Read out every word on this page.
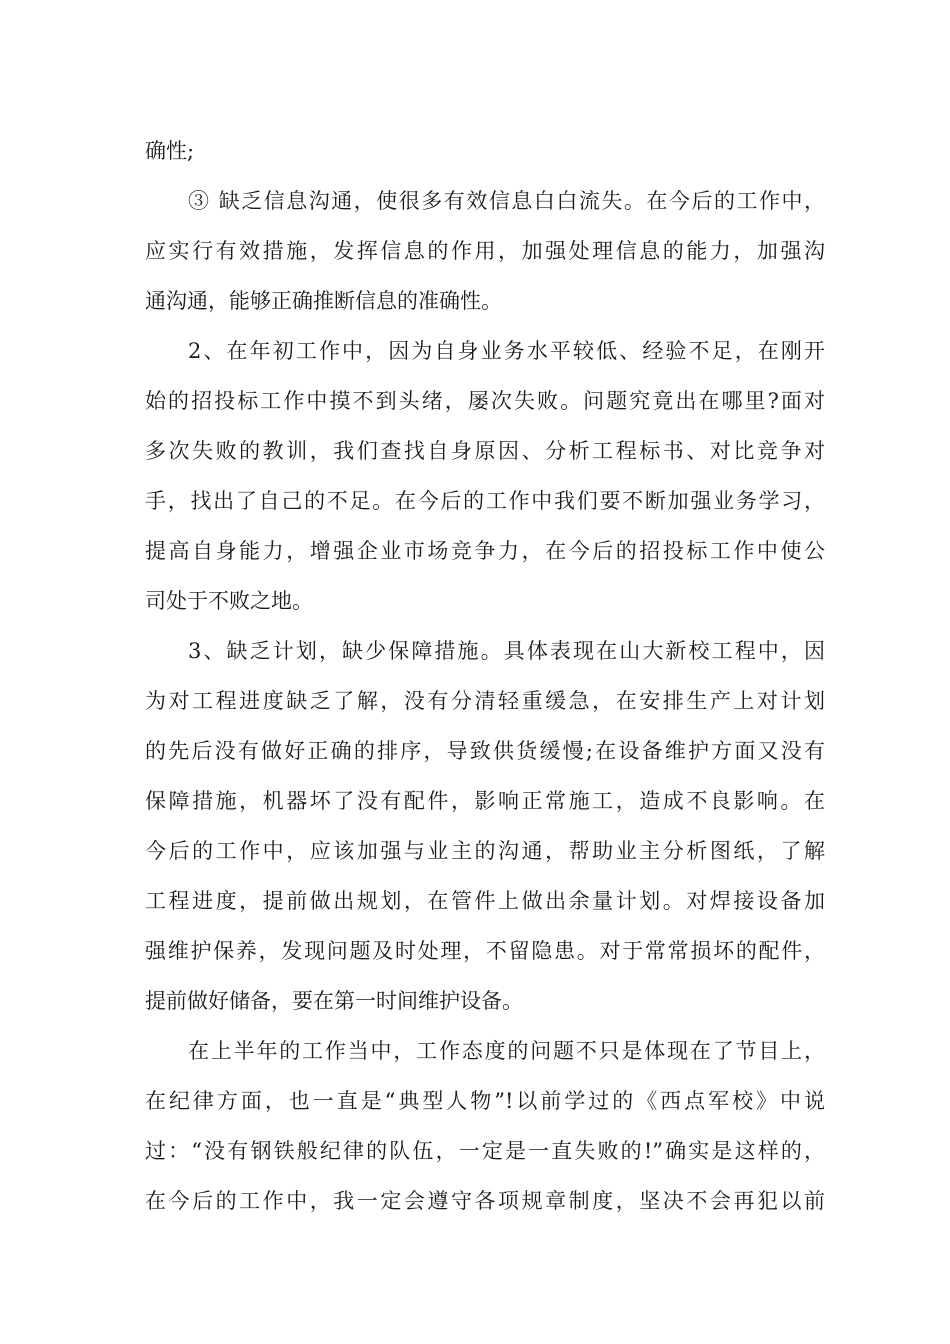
确性;

③ 缺乏信息沟通，使很多有效信息白白流失。在今后的工作中，

应实行有效措施，发挥信息的作用，加强处理信息的能力，加强沟

通沟通，能够正确推断信息的准确性。

2、在年初工作中，因为自身业务水平较低、经验不足，在刚开

始的招投标工作中摸不到头绪，屡次失败。问题究竟出在哪里?面对

多次失败的教训，我们查找自身原因、分析工程标书、对比竞争对

手，找出了自己的不足。在今后的工作中我们要不断加强业务学习，

提高自身能力，增强企业市场竞争力，在今后的招投标工作中使公

司处于不败之地。

3、缺乏计划，缺少保障措施。具体表现在山大新校工程中，因

为对工程进度缺乏了解，没有分清轻重缓急，在安排生产上对计划

的先后没有做好正确的排序，导致供货缓慢;在设备维护方面又没有

保障措施，机器坏了没有配件，影响正常施工，造成不良影响。在

今后的工作中，应该加强与业主的沟通，帮助业主分析图纸，了解

工程进度，提前做出规划，在管件上做出余量计划。对焊接设备加

强维护保养，发现问题及时处理，不留隐患。对于常常损坏的配件，

提前做好储备，要在第一时间维护设备。

在上半年的工作当中，工作态度的问题不只是体现在了节目上，

在纪律方面，也一直是“典型人物”!以前学过的《西点军校》中说

过：“没有钢铁般纪律的队伍，一定是一直失败的!”确实是这样的，

在今后的工作中，我一定会遵守各项规章制度，坚决不会再犯以前
